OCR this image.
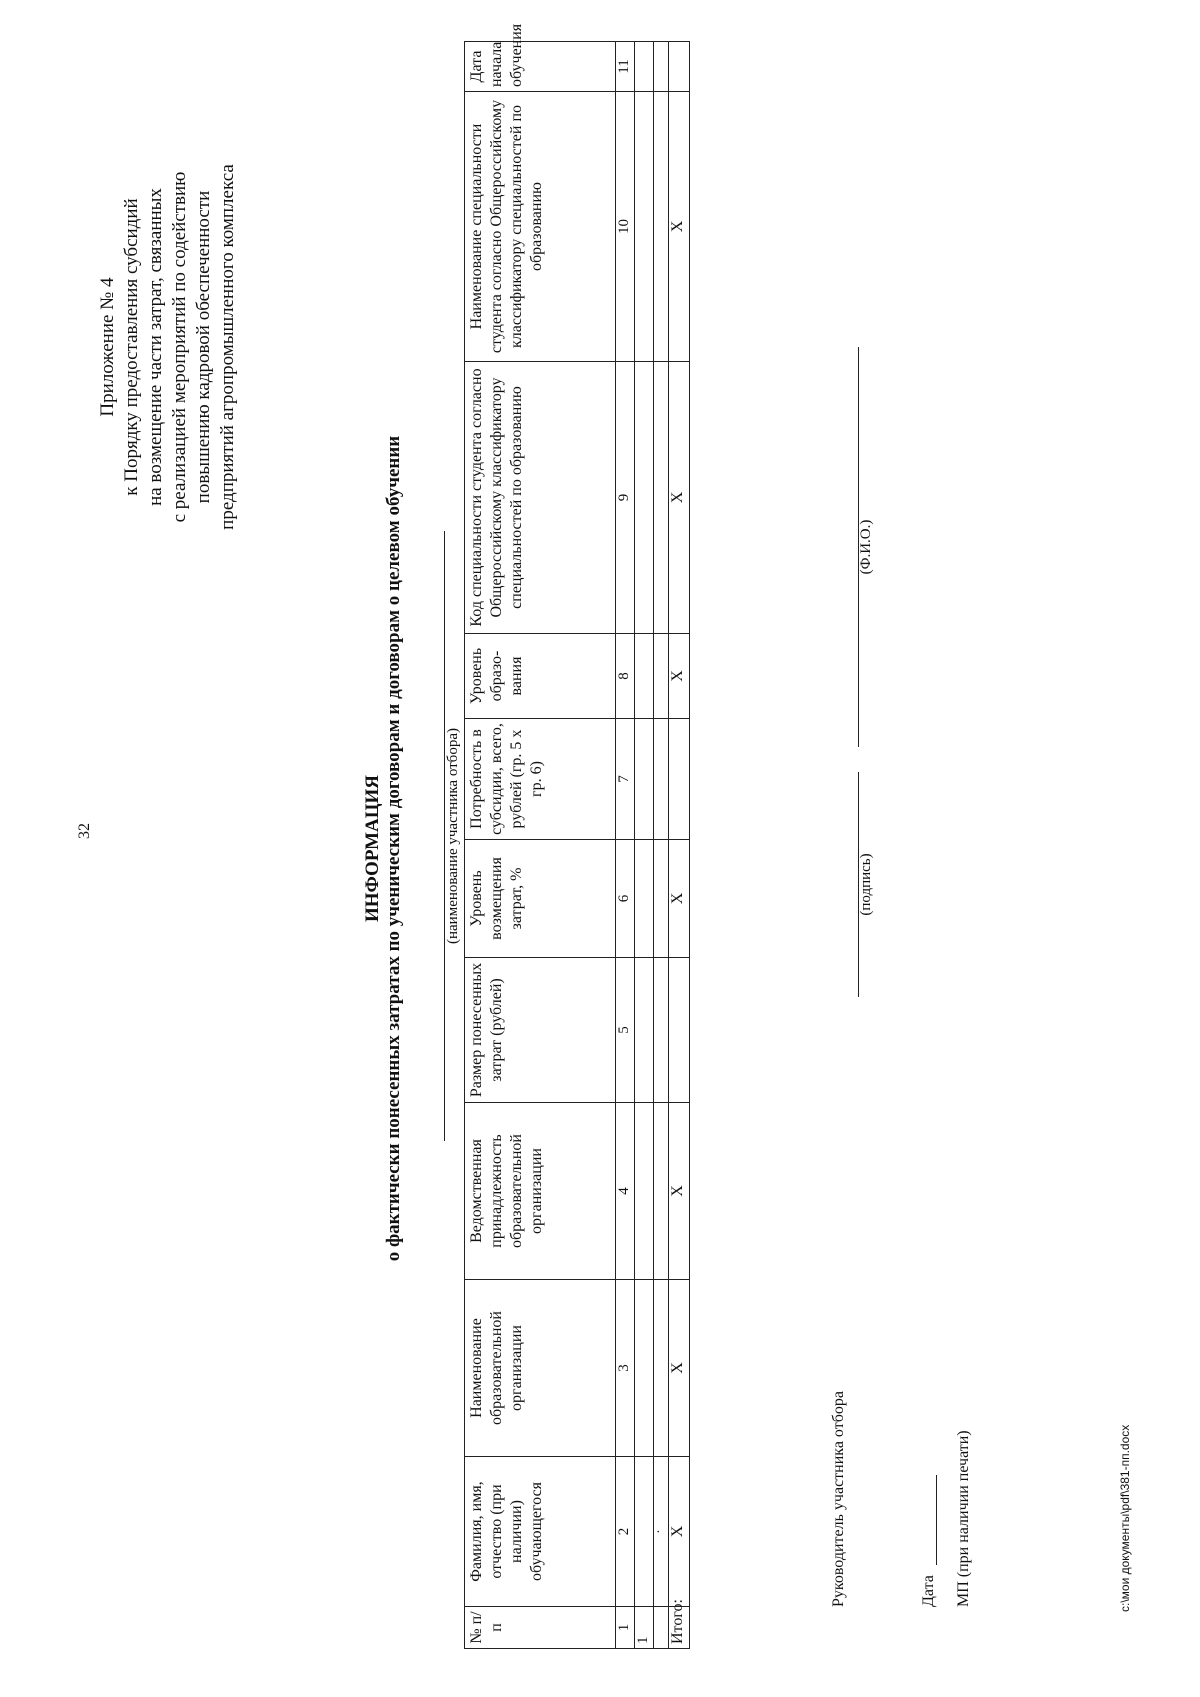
32
Приложение № 4 к Порядку предоставления субсидий на возмещение части затрат, связанных с реализацией мероприятий по содействию повышению кадровой обеспеченности предприятий агропромышленного комплекса
ИНФОРМАЦИЯ о фактически понесенных затратах по ученическим договорам и договорам о целевом обучении	(наименование участника отбора)
№ п/п	Фамилия, имя, отчество (при наличии) обучающегося	Наименование образовательной организации	Ведомственная принадлежность образовательной организации	Размер понесенных затрат (рублей)	Уровень возмещения затрат, %	Потребность в субсидии, всего, рублей (гр. 5 х гр. 6)	Уровень образо-вания	Код специальности студента согласно Общероссийскому классификатору специальностей по образованию	Наименование специальности студента согласно Общероссийскому классификатору специальностей по образованию	Дата начала обучения
1	2	3	4	5	6	7	8	9	10	11
1										
	·									
Итого:	Х	Х	Х		Х		Х	Х	Х	
Руководитель участника отбора
(подпись)
(Ф.И.О.)
Дата МП (при наличии печати)	c:\мои документы\pdf\381-пп.docx
